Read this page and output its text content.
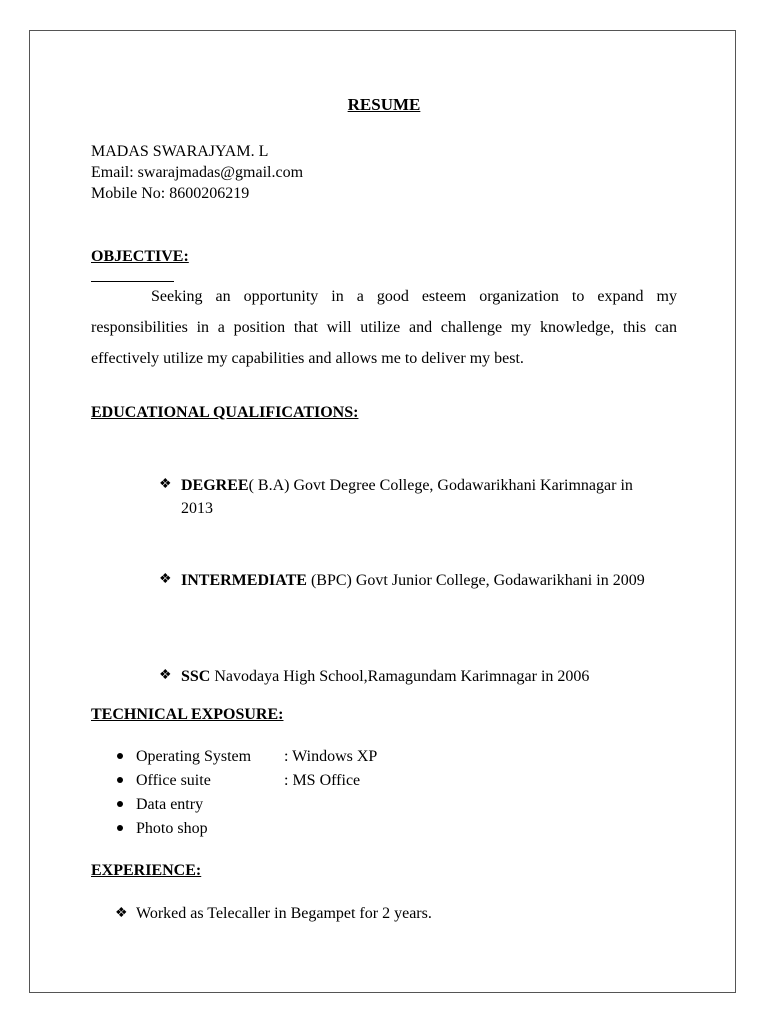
RESUME
MADAS SWARAJYAM. L
Email: swarajmadas@gmail.com
Mobile No: 8600206219
OBJECTIVE:
Seeking an opportunity in a good esteem organization to expand my responsibilities in a position that will utilize and challenge my knowledge, this can effectively utilize my capabilities and allows me to deliver my best.
EDUCATIONAL QUALIFICATIONS:
❖ DEGREE( B.A) Govt Degree College, Godawarikhani Karimnagar in 2013
❖ INTERMEDIATE (BPC) Govt Junior College, Godawarikhani in 2009
❖ SSC Navodaya High School,Ramagundam Karimnagar in 2006
TECHNICAL EXPOSURE:
Operating System : Windows XP
Office suite	: MS Office
Data entry
Photo shop
EXPERIENCE:
❖ Worked as Telecaller in Begampet for 2 years.
